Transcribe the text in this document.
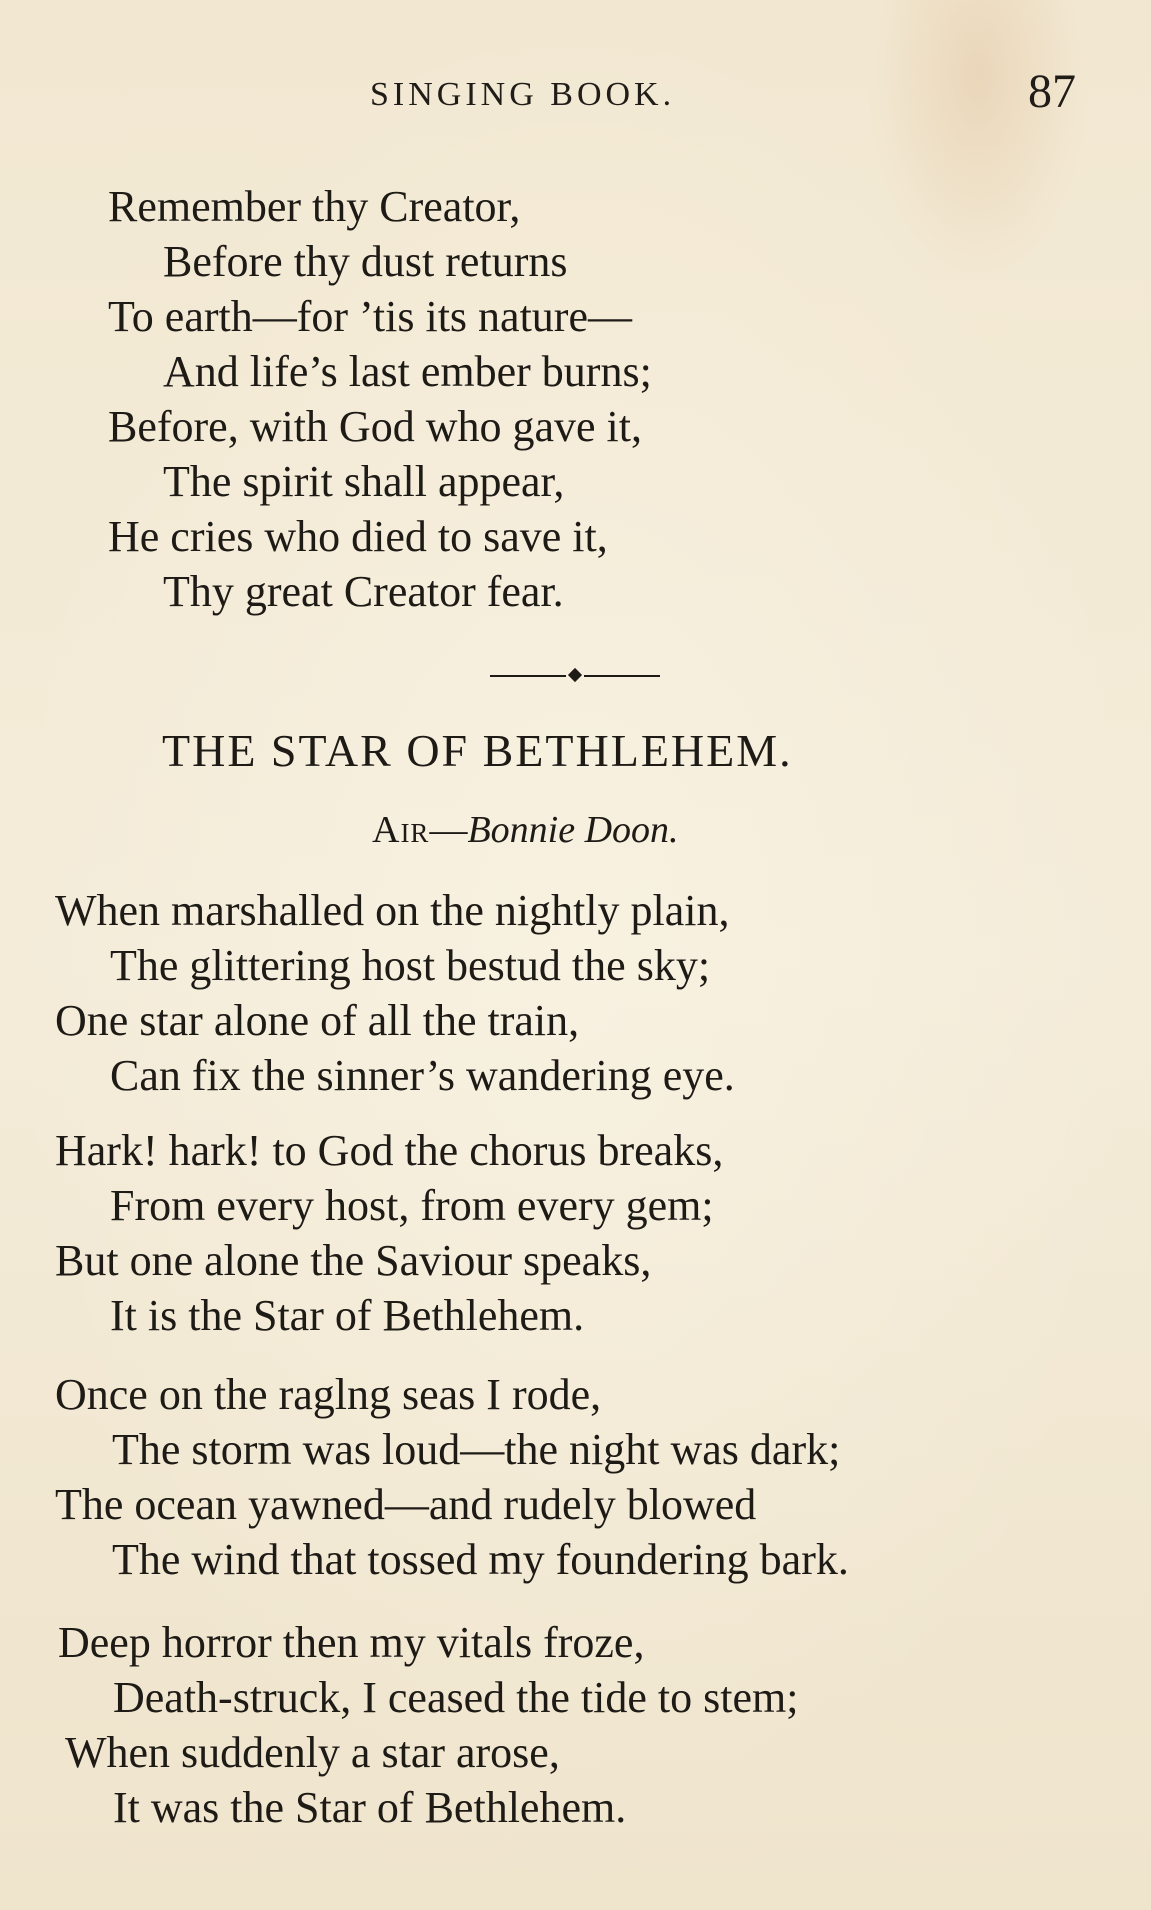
SINGING BOOK.	87
Remember thy Creator,
Before thy dust returns
To earth—for ’tis its nature—
And life’s last ember burns;
Before, with God who gave it,
The spirit shall appear,
He cries who died to save it,
Thy great Creator fear.
THE STAR OF BETHLEHEM.
Air—Bonnie Doon.
When marshalled on the nightly plain,
The glittering host bestud the sky;
One star alone of all the train,
Can fix the sinner’s wandering eye.
Hark! hark! to God the chorus breaks,
From every host, from every gem;
But one alone the Saviour speaks,
It is the Star of Bethlehem.
Once on the raglng seas I rode,
The storm was loud—the night was dark;
The ocean yawned—and rudely blowed
The wind that tossed my foundering bark.
Deep horror then my vitals froze,
Death-struck, I ceased the tide to stem;
When suddenly a star arose,
It was the Star of Bethlehem.
